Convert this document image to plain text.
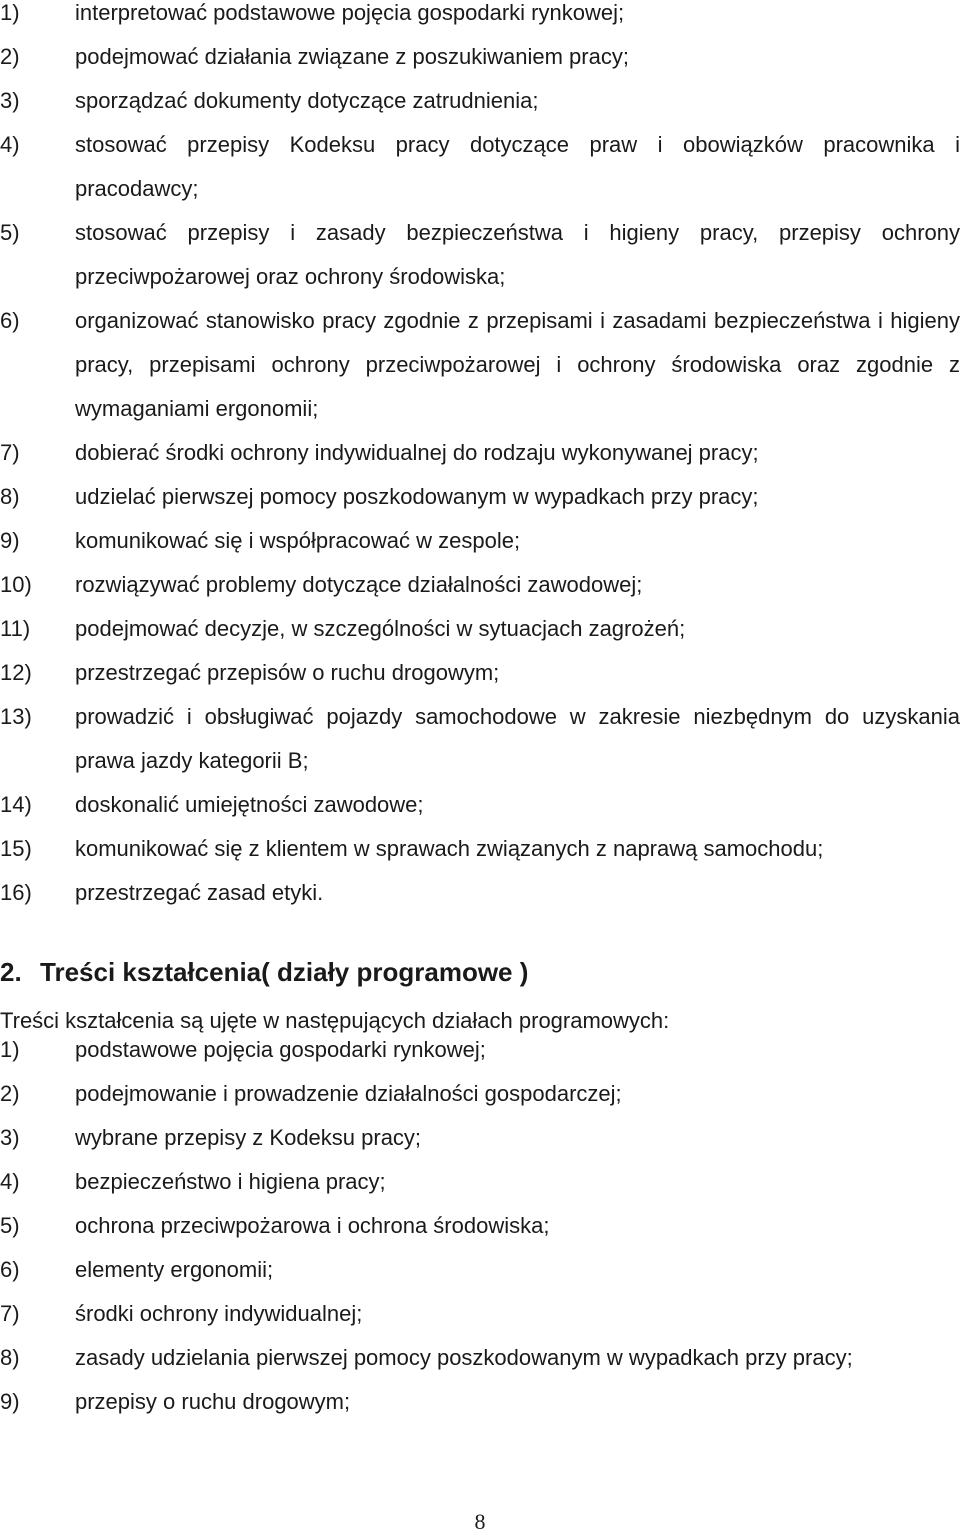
1)	interpretować podstawowe pojęcia gospodarki rynkowej;
2)	podejmować działania związane z poszukiwaniem pracy;
3)	sporządzać dokumenty dotyczące zatrudnienia;
4)	stosować przepisy Kodeksu pracy dotyczące praw i obowiązków pracownika i pracodawcy;
5)	stosować przepisy i zasady bezpieczeństwa i higieny pracy, przepisy ochrony przeciwpożarowej oraz ochrony środowiska;
6)	organizować stanowisko pracy zgodnie z przepisami i zasadami bezpieczeństwa i higieny pracy, przepisami ochrony przeciwpożarowej i ochrony środowiska oraz zgodnie z wymaganiami ergonomii;
7)	dobierać środki ochrony indywidualnej do rodzaju wykonywanej pracy;
8)	udzielać pierwszej pomocy poszkodowanym w wypadkach przy pracy;
9)	komunikować się i współpracować w zespole;
10) rozwiązywać problemy dotyczące działalności zawodowej;
11) podejmować decyzje, w szczególności w sytuacjach zagrożeń;
12) przestrzegać przepisów o ruchu drogowym;
13) prowadzić i obsługiwać pojazdy samochodowe w zakresie niezbędnym do uzyskania prawa jazdy kategorii B;
14) doskonalić umiejętności zawodowe;
15) komunikować się z klientem w sprawach związanych z naprawą samochodu;
16) przestrzegać zasad etyki.
2. Treści kształcenia( działy programowe )
Treści kształcenia są ujęte w następujących działach programowych:
1)	podstawowe pojęcia gospodarki rynkowej;
2)	podejmowanie i prowadzenie działalności gospodarczej;
3)	wybrane przepisy z Kodeksu pracy;
4)	bezpieczeństwo i higiena pracy;
5)	ochrona przeciwpożarowa i ochrona środowiska;
6)	elementy ergonomii;
7)	środki ochrony indywidualnej;
8)	zasady udzielania pierwszej pomocy poszkodowanym w wypadkach przy pracy;
9)	przepisy o ruchu drogowym;
8
